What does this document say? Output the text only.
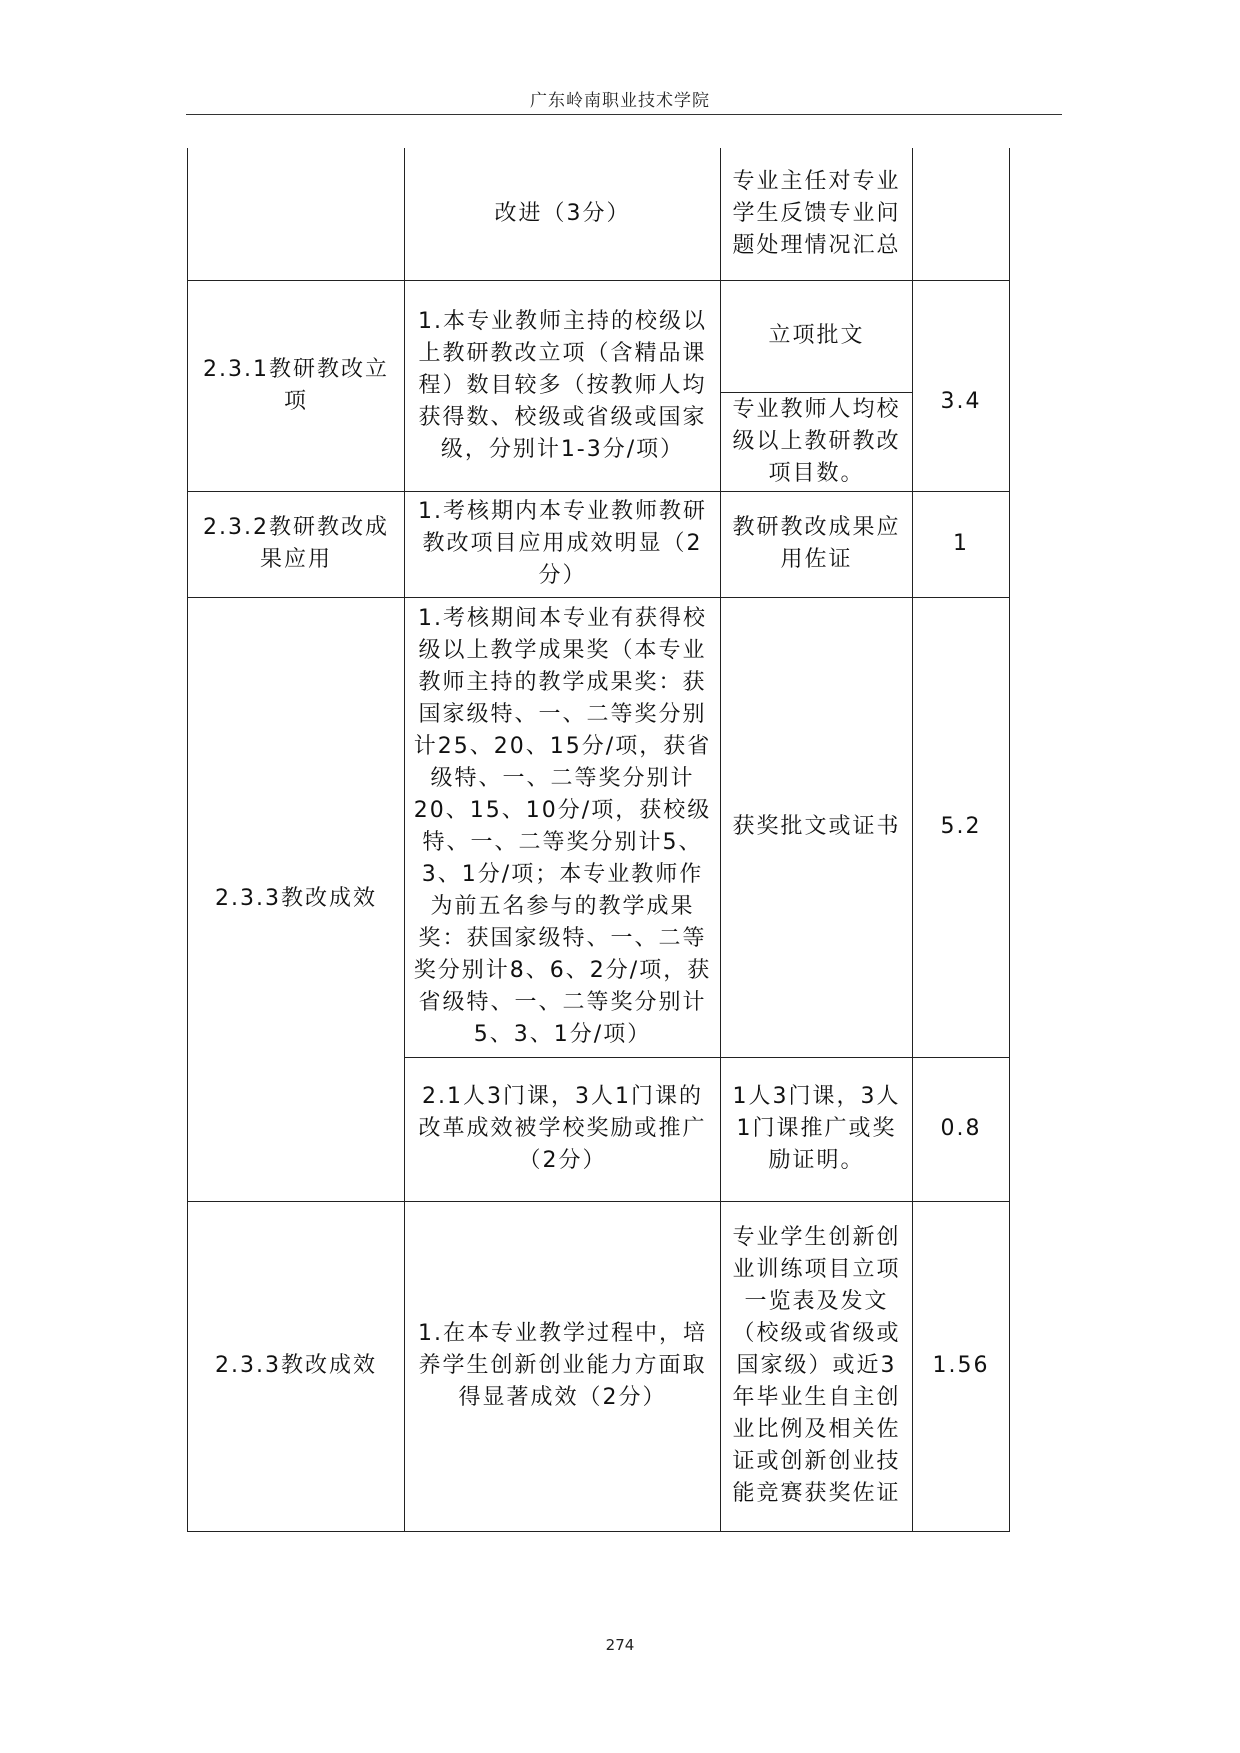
广东岭南职业技术学院
	改进（3分）	专业主任对专业学生反馈专业问题处理情况汇总	
2.3.1教研教改立项	1.本专业教师主持的校级以上教研教改立项（含精品课程）数目较多（按教师人均获得数、校级或省级或国家级，分别计1-3分/项）	立项批文	3.4
		专业教师人均校级以上教研教改项目数。	
2.3.2教研教改成果应用	1.考核期内本专业教师教研教改项目应用成效明显（2分）	教研教改成果应用佐证	1
2.3.3教改成效	1.考核期间本专业有获得校级以上教学成果奖（本专业教师主持的教学成果奖：获国家级特、一、二等奖分别计25、20、15分/项，获省级特、一、二等奖分别计20、15、10分/项，获校级特、一、二等奖分别计5、3、1分/项；本专业教师作为前五名参与的教学成果奖：获国家级特、一、二等奖分别计8、6、2分/项，获省级特、一、二等奖分别计5、3、1分/项）	获奖批文或证书	5.2
	2.1人3门课，3人1门课的改革成效被学校奖励或推广（2分）	1人3门课，3人1门课推广或奖励证明。	0.8
2.3.3教改成效	1.在本专业教学过程中，培养学生创新创业能力方面取得显著成效（2分）	专业学生创新创业训练项目立项一览表及发文（校级或省级或国家级）或近3年毕业生自主创业比例及相关佐证或创新创业技能竞赛获奖佐证	1.56
274
